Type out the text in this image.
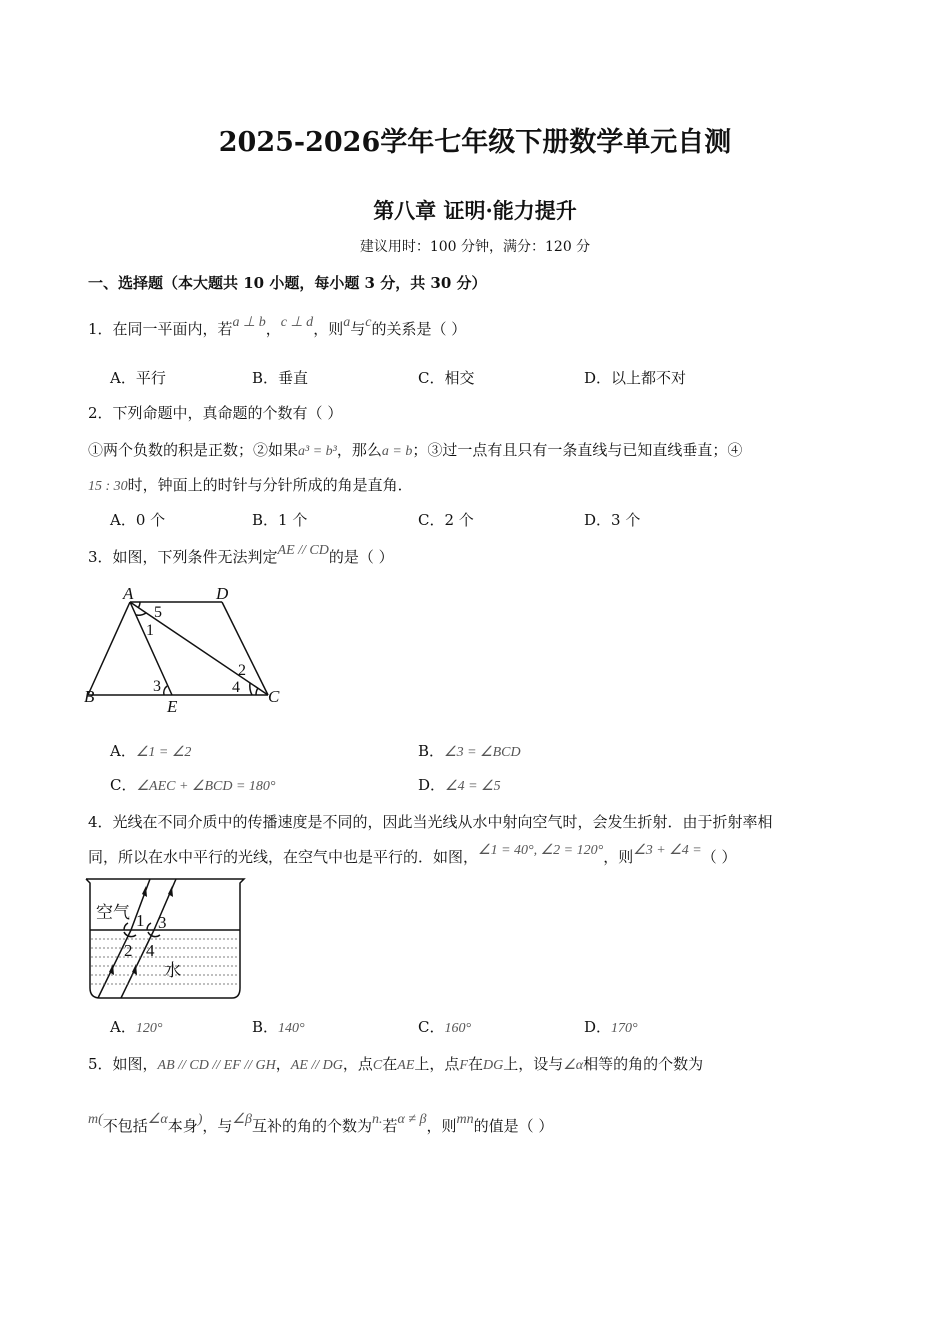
2025-2026学年七年级下册数学单元自测
第八章 证明·能力提升
建议用时：100 分钟，满分：120 分
一、选择题（本大题共 10 小题，每小题 3 分，共 30 分）
1．在同一平面内，若a ⊥ b，c ⊥ d，则a与c的关系是（ ）
A．平行	B．垂直	C．相交	D．以上都不对
2．下列命题中，真命题的个数有（ ）
①两个负数的积是正数；②如果a³ = b³，那么a = b；③过一点有且只有一条直线与已知直线垂直；④
15 : 30时，钟面上的时针与分针所成的角是直角．
A．0 个	B．1 个	C．2 个	D．3 个
3．如图，下列条件无法判定AE // CD的是（ ）
A	D
B
E
C
5
1
2
3	4
A．∠1 = ∠2	B．∠3 = ∠BCD
C．∠AEC + ∠BCD = 180°	D．∠4 = ∠5
4．光线在不同介质中的传播速度是不同的，因此当光线从水中射向空气时，会发生折射．由于折射率相
同，所以在水中平行的光线，在空气中也是平行的．如图，∠1 = 40°, ∠2 = 120°，则∠3 + ∠4 =（ ）
空气
水
1 3
2 4
A．120°	B．140°	C．160°	D．170°
5．如图，AB // CD // EF // GH，AE // DG，点C在AE上，点F在DG上，设与∠α相等的角的个数为
m(不包括∠α本身)，与∠β互补的角的个数为n.若α ≠ β，则mn的值是（ ）
